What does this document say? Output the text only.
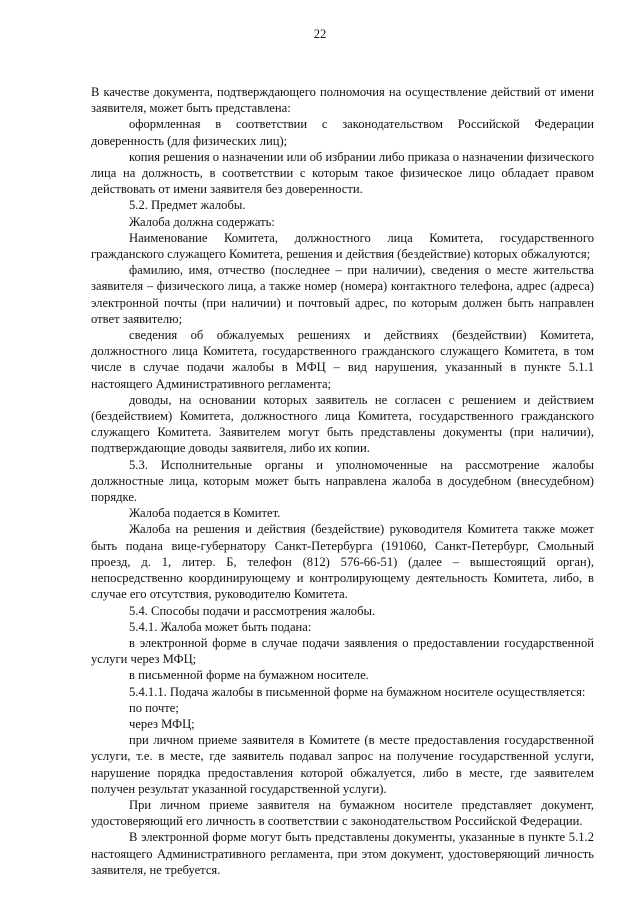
22

В качестве документа, подтверждающего полномочия на осуществление действий от имени заявителя, может быть представлена:

оформленная в соответствии с законодательством Российской Федерации доверенность (для физических лиц);

копия решения о назначении или об избрании либо приказа о назначении физического лица на должность, в соответствии с которым такое физическое лицо обладает правом действовать от имени заявителя без доверенности.

5.2. Предмет жалобы.

Жалоба должна содержать:

Наименование Комитета, должностного лица Комитета, государственного гражданского служащего Комитета, решения и действия (бездействие) которых обжалуются;

фамилию, имя, отчество (последнее – при наличии), сведения о месте жительства заявителя – физического лица, а также номер (номера) контактного телефона, адрес (адреса) электронной почты (при наличии) и почтовый адрес, по которым должен быть направлен ответ заявителю;

сведения об обжалуемых решениях и действиях (бездействии) Комитета, должностного лица Комитета, государственного гражданского служащего Комитета, в том числе в случае подачи жалобы в МФЦ – вид нарушения, указанный в пункте 5.1.1 настоящего Административного регламента;

доводы, на основании которых заявитель не согласен с решением и действием (бездействием) Комитета, должностного лица Комитета, государственного гражданского служащего Комитета. Заявителем могут быть представлены документы (при наличии), подтверждающие доводы заявителя, либо их копии.

5.3. Исполнительные органы и уполномоченные на рассмотрение жалобы должностные лица, которым может быть направлена жалоба в досудебном (внесудебном) порядке.

Жалоба подается в Комитет.

Жалоба на решения и действия (бездействие) руководителя Комитета также может быть подана вице-губернатору Санкт-Петербурга (191060, Санкт-Петербург, Смольный проезд, д. 1, литер. Б, телефон (812) 576-66-51) (далее – вышестоящий орган), непосредственно координирующему и контролирующему деятельность Комитета, либо, в случае его отсутствия, руководителю Комитета.

5.4. Способы подачи и рассмотрения жалобы.

5.4.1. Жалоба может быть подана:

в электронной форме в случае подачи заявления о предоставлении государственной услуги через МФЦ;

в письменной форме на бумажном носителе.

5.4.1.1. Подача жалобы в письменной форме на бумажном носителе осуществляется:

по почте;

через МФЦ;

при личном приеме заявителя в Комитете (в месте предоставления государственной услуги, т.е. в месте, где заявитель подавал запрос на получение государственной услуги, нарушение порядка предоставления которой обжалуется, либо в месте, где заявителем получен результат указанной государственной услуги).

При личном приеме заявителя на бумажном носителе представляет документ, удостоверяющий его личность в соответствии с законодательством Российской Федерации.

В электронной форме могут быть представлены документы, указанные в пункте 5.1.2 настоящего Административного регламента, при этом документ, удостоверяющий личность заявителя, не требуется.
